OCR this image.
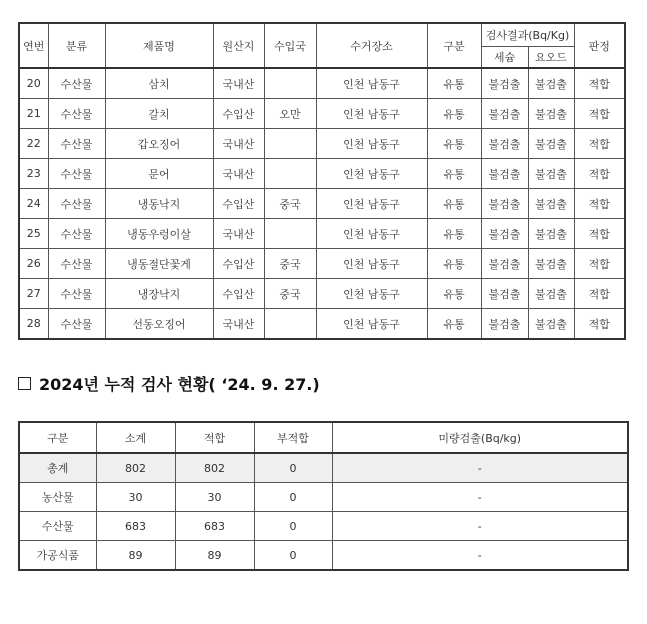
연번	분류	제품명	원산지	수입국	수거장소	구분	검사결과(Bq/Kg)		판정
							세슘	요오드	
20	수산물	삼치	국내산		인천 남동구	유통	불검출	불검출	적합
21	수산물	갈치	수입산	오만	인천 남동구	유통	불검출	불검출	적합
22	수산물	갑오징어	국내산		인천 남동구	유통	불검출	불검출	적합
23	수산물	문어	국내산		인천 남동구	유통	불검출	불검출	적합
24	수산물	냉동낙지	수입산	중국	인천 남동구	유통	불검출	불검출	적합
25	수산물	냉동우렁이살	국내산		인천 남동구	유통	불검출	불검출	적합
26	수산물	냉동절단꽃게	수입산	중국	인천 남동구	유통	불검출	불검출	적합
27	수산물	냉장낙지	수입산	중국	인천 남동구	유통	불검출	불검출	적합
28	수산물	선동오징어	국내산		인천 남동구	유통	불검출	불검출	적합
2024년 누적 검사 현황( ‘24. 9. 27.)
구분	소계	적합	부적합	미량검출(Bq/kg)
총계	802	802	0	-
농산물	30	30	0	-
수산물	683	683	0	-
가공식품	89	89	0	-
